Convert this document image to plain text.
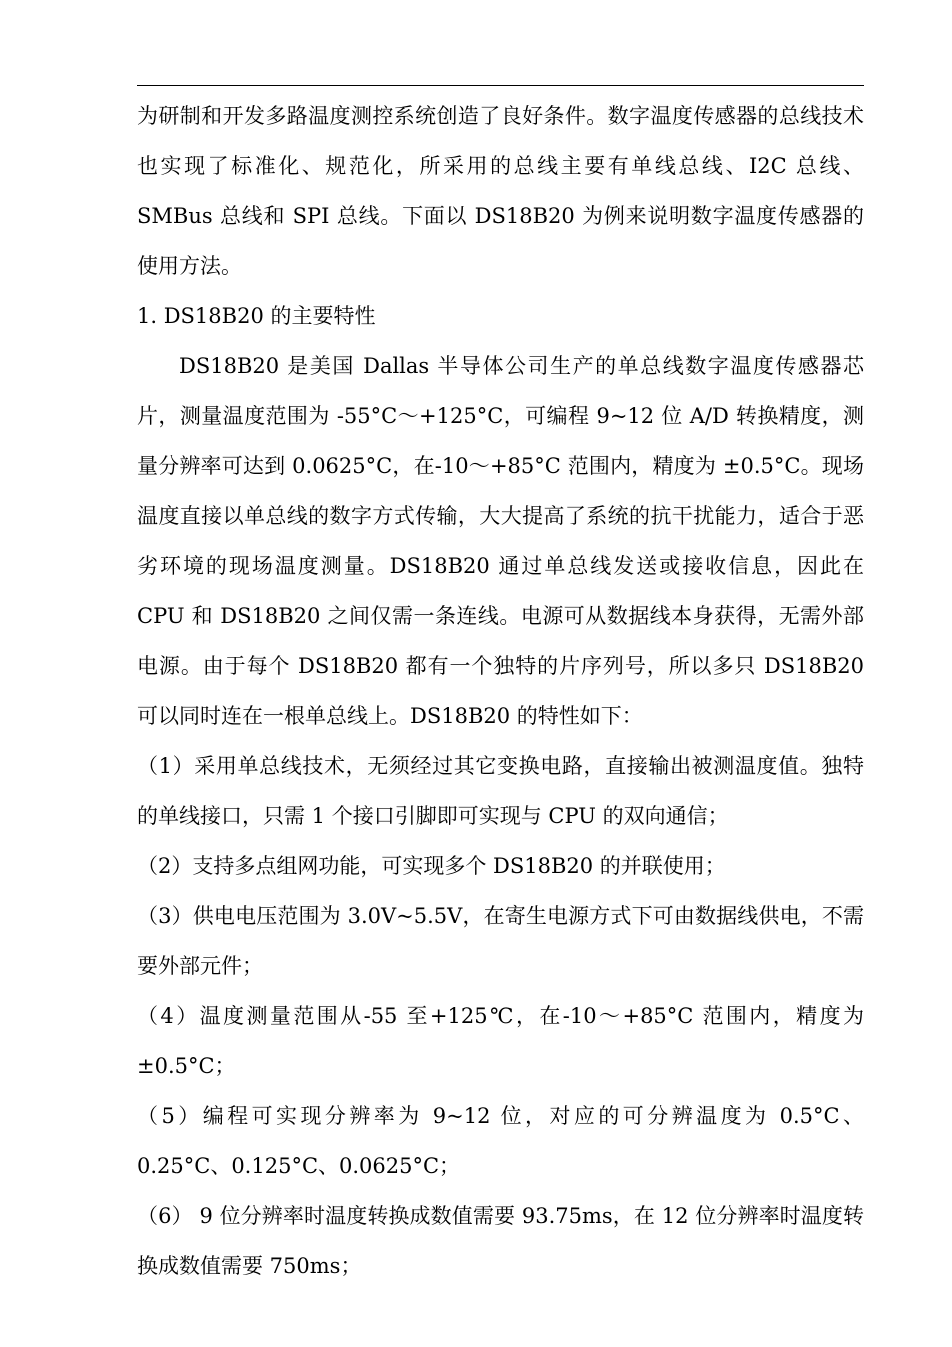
为研制和开发多路温度测控系统创造了良好条件。数字温度传感器的总线技术也实现了标准化、规范化，所采用的总线主要有单线总线、I2C 总线、SMBus 总线和 SPI 总线。下面以 DS18B20 为例来说明数字温度传感器的使用方法。

1. DS18B20 的主要特性

DS18B20 是美国 Dallas 半导体公司生产的单总线数字温度传感器芯片，测量温度范围为 -55°C～+125°C，可编程 9~12 位 A/D 转换精度，测量分辨率可达到 0.0625°C，在-10～+85°C 范围内，精度为 ±0.5°C。现场温度直接以单总线的数字方式传输，大大提高了系统的抗干扰能力，适合于恶劣环境的现场温度测量。DS18B20 通过单总线发送或接收信息，因此在 CPU 和 DS18B20 之间仅需一条连线。电源可从数据线本身获得，无需外部电源。由于每个 DS18B20 都有一个独特的片序列号，所以多只 DS18B20 可以同时连在一根单总线上。DS18B20 的特性如下：

（1）采用单总线技术，无须经过其它变换电路，直接输出被测温度值。独特的单线接口，只需 1 个接口引脚即可实现与 CPU 的双向通信；

（2）支持多点组网功能，可实现多个 DS18B20 的并联使用；

（3）供电电压范围为 3.0V~5.5V，在寄生电源方式下可由数据线供电，不需要外部元件；

（4）温度测量范围从-55 至+125℃，在-10～+85°C 范围内，精度为 ±0.5°C；

（5）编程可实现分辨率为 9~12 位，对应的可分辨温度为 0.5°C、0.25°C、0.125°C、0.0625°C；

（6） 9 位分辨率时温度转换成数值需要 93.75ms，在 12 位分辨率时温度转换成数值需要 750ms；
